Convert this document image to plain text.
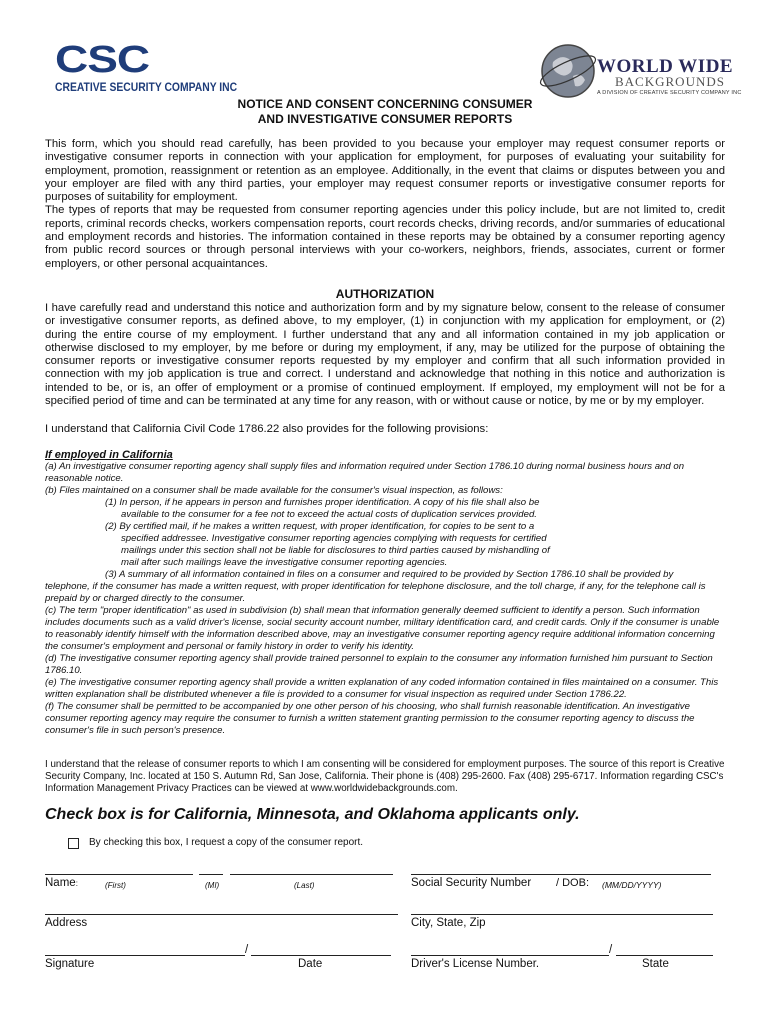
CSC
CREATIVE SECURITY COMPANY INC
WORLD WIDE
BACKGROUNDS
A DIVISION OF CREATIVE SECURITY COMPANY INC
NOTICE AND CONSENT CONCERNING CONSUMER
AND INVESTIGATIVE CONSUMER REPORTS
This form, which you should read carefully, has been provided to you because your employer may request consumer reports or investigative consumer reports in connection with your application for employment, for purposes of evaluating your suitability for employment, promotion, reassignment or retention as an employee. Additionally, in the event that claims or disputes between you and your employer are filed with any third parties, your employer may request consumer reports or investigative consumer reports for purposes of suitability for employment.
The types of reports that may be requested from consumer reporting agencies under this policy include, but are not limited to, credit reports, criminal records checks, workers compensation reports, court records checks, driving records, and/or summaries of educational and employment records and histories. The information contained in these reports may be obtained by a consumer reporting agency from public record sources or through personal interviews with your co-workers, neighbors, friends, associates, current or former employers, or other personal acquaintances.
AUTHORIZATION
I have carefully read and understand this notice and authorization form and by my signature below, consent to the release of consumer or investigative consumer reports, as defined above, to my employer, (1) in conjunction with my application for employment, or (2) during the entire course of my employment. I further understand that any and all information contained in my job application or otherwise disclosed to my employer, by me before or during my employment, if any, may be utilized for the purpose of obtaining the consumer reports or investigative consumer reports requested by my employer and confirm that all such information provided in connection with my job application is true and correct. I understand and acknowledge that nothing in this notice and authorization is intended to be, or is, an offer of employment or a promise of continued employment. If employed, my employment will not be for a specified period of time and can be terminated at any time for any reason, with or without cause or notice, by me or by my employer.
I understand that California Civil Code 1786.22 also provides for the following provisions:
If employed in California
(a) An investigative consumer reporting agency shall supply files and information required under Section 1786.10 during normal business hours and on reasonable notice.
(b) Files maintained on a consumer shall be made available for the consumer's visual inspection, as follows:
(1) In person, if he appears in person and furnishes proper identification. A copy of his file shall also be
available to the consumer for a fee not to exceed the actual costs of duplication services provided.
(2) By certified mail, if he makes a written request, with proper identification, for copies to be sent to a
specified addressee. Investigative consumer reporting agencies complying with requests for certified
mailings under this section shall not be liable for disclosures to third parties caused by mishandling of
mail after such mailings leave the investigative consumer reporting agencies.
(3) A summary of all information contained in files on a consumer and required to be provided by Section 1786.10 shall be provided by
telephone, if the consumer has made a written request, with proper identification for telephone disclosure, and the toll charge, if any, for the telephone call is prepaid by or charged directly to the consumer.
(c) The term "proper identification" as used in subdivision (b) shall mean that information generally deemed sufficient to identify a person. Such information includes documents such as a valid driver's license, social security account number, military identification card, and credit cards. Only if the consumer is unable to reasonably identify himself with the information described above, may an investigative consumer reporting agency require additional information concerning the consumer's employment and personal or family history in order to verify his identity.
(d) The investigative consumer reporting agency shall provide trained personnel to explain to the consumer any information furnished him pursuant to Section 1786.10.
(e) The investigative consumer reporting agency shall provide a written explanation of any coded information contained in files maintained on a consumer. This written explanation shall be distributed whenever a file is provided to a consumer for visual inspection as required under Section 1786.22.
(f) The consumer shall be permitted to be accompanied by one other person of his choosing, who shall furnish reasonable identification. An investigative consumer reporting agency may require the consumer to furnish a written statement granting permission to the consumer reporting agency to discuss the consumer's file in such person's presence.
I understand that the release of consumer reports to which I am consenting will be considered for employment purposes. The source of this report is Creative Security Company, Inc. located at 150 S. Autumn Rd, San Jose, California. Their phone is (408) 295-2600. Fax (408) 295-6717. Information regarding CSC's Information Management Privacy Practices can be viewed at www.worldwidebackgrounds.com.
Check box is for California, Minnesota, and Oklahoma applicants only.
By checking this box, I request a copy of the consumer report.
Name:	(First)	(MI)	(Last)	Social Security Number / DOB: (MM/DD/YYYY)
Address	City, State, Zip
/	/
Signature	Date	Driver's License Number.	State
